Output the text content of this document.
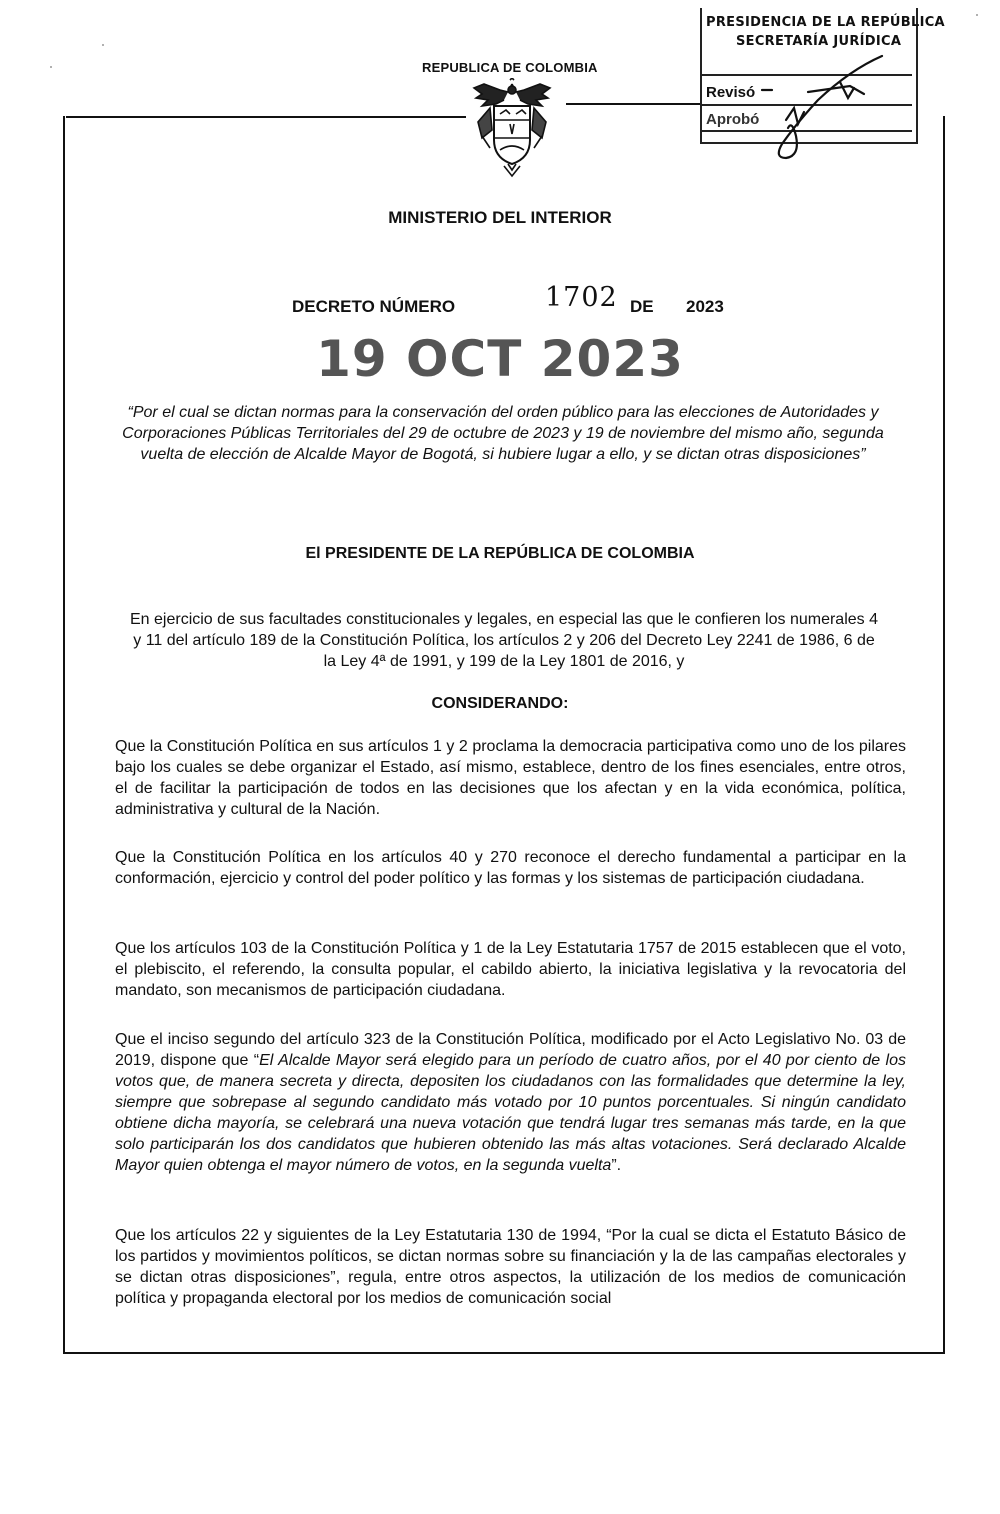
REPUBLICA DE COLOMBIA
PRESIDENCIA DE LA REPÚBLICA
SECRETARÍA JURÍDICA
Revisó
Aprobó
MINISTERIO DEL INTERIOR
DECRETO NÚMERO	1702 DE 2023
19 OCT 2023
“Por el cual se dictan normas para la conservación del orden público para las elecciones de Autoridades y Corporaciones Públicas Territoriales del 29 de octubre de 2023 y 19 de noviembre del mismo año, segunda vuelta de elección de Alcalde Mayor de Bogotá, si hubiere lugar a ello, y se dictan otras disposiciones”
El PRESIDENTE DE LA REPÚBLICA DE COLOMBIA
En ejercicio de sus facultades constitucionales y legales, en especial las que le confieren los numerales 4 y 11 del artículo 189 de la Constitución Política, los artículos 2 y 206 del Decreto Ley 2241 de 1986, 6 de la Ley 4ª de 1991, y 199 de la Ley 1801 de 2016, y
CONSIDERANDO:
Que la Constitución Política en sus artículos 1 y 2 proclama la democracia participativa como uno de los pilares bajo los cuales se debe organizar el Estado, así mismo, establece, dentro de los fines esenciales, entre otros, el de facilitar la participación de todos en las decisiones que los afectan y en la vida económica, política, administrativa y cultural de la Nación.
Que la Constitución Política en los artículos 40 y 270 reconoce el derecho fundamental a participar en la conformación, ejercicio y control del poder político y las formas y los sistemas de participación ciudadana.
Que los artículos 103 de la Constitución Política y 1 de la Ley Estatutaria 1757 de 2015 establecen que el voto, el plebiscito, el referendo, la consulta popular, el cabildo abierto, la iniciativa legislativa y la revocatoria del mandato, son mecanismos de participación ciudadana.
Que el inciso segundo del artículo 323 de la Constitución Política, modificado por el Acto Legislativo No. 03 de 2019, dispone que “El Alcalde Mayor será elegido para un período de cuatro años, por el 40 por ciento de los votos que, de manera secreta y directa, depositen los ciudadanos con las formalidades que determine la ley, siempre que sobrepase al segundo candidato más votado por 10 puntos porcentuales. Si ningún candidato obtiene dicha mayoría, se celebrará una nueva votación que tendrá lugar tres semanas más tarde, en la que solo participarán los dos candidatos que hubieren obtenido las más altas votaciones. Será declarado Alcalde Mayor quien obtenga el mayor número de votos, en la segunda vuelta”.
Que los artículos 22 y siguientes de la Ley Estatutaria 130 de 1994, “Por la cual se dicta el Estatuto Básico de los partidos y movimientos políticos, se dictan normas sobre su financiación y la de las campañas electorales y se dictan otras disposiciones”, regula, entre otros aspectos, la utilización de los medios de comunicación política y propaganda electoral por los medios de comunicación social
